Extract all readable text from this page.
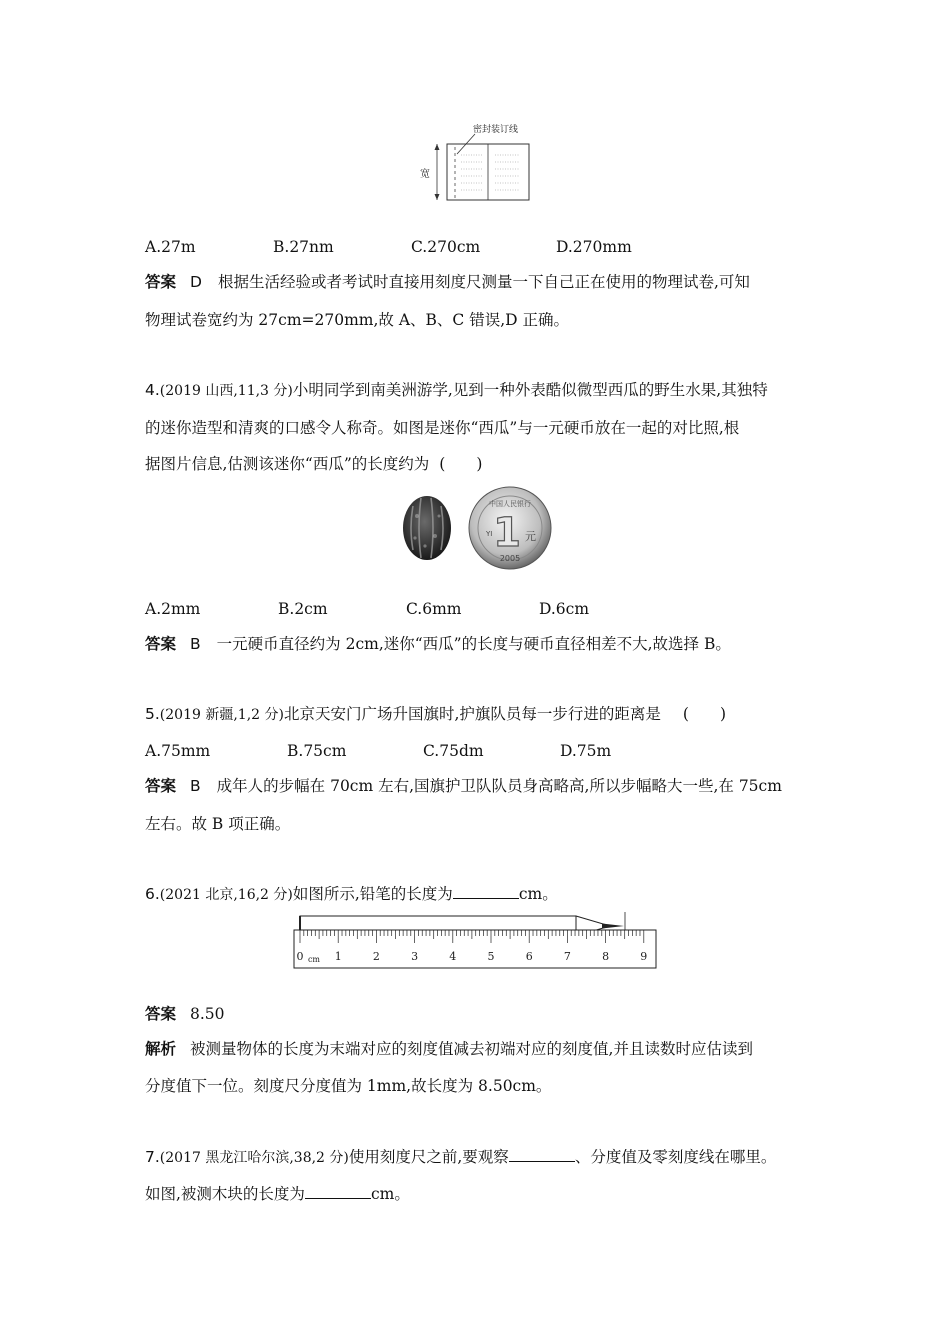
密封装订线
宽
A.27m	B.27nm	C.270cm	D.270mm
答案 D 根据生活经验或者考试时直接用刻度尺测量一下自己正在使用的物理试卷,可知
物理试卷宽约为 27cm=270mm,故 A、B、C 错误,D 正确。
4.(2019 山西,11,3 分)小明同学到南美洲游学,见到一种外表酷似微型西瓜的野生水果,其独特
的迷你造型和清爽的口感令人称奇。如图是迷你“西瓜”与一元硬币放在一起的对比照,根
据图片信息,估测该迷你“西瓜”的长度约为 (　　)
中国人民银行
1
YI	元
2005
A.2mm	B.2cm	C.6mm	D.6cm
答案 B 一元硬币直径约为 2cm,迷你“西瓜”的长度与硬币直径相差不大,故选择 B。
5.(2019 新疆,1,2 分)北京天安门广场升国旗时,护旗队员每一步行进的距离是 (　　)
A.75mm	B.75cm	C.75dm	D.75m
答案 B 成年人的步幅在 70cm 左右,国旗护卫队队员身高略高,所以步幅略大一些,在 75cm
左右。故 B 项正确。
6.(2021 北京,16,2 分)如图所示,铅笔的长度为	cm。
0	1	2	3	4	5	6	7	8	9
cm
答案 8.50
解析 被测量物体的长度为末端对应的刻度值减去初端对应的刻度值,并且读数时应估读到
分度值下一位。刻度尺分度值为 1mm,故长度为 8.50cm。
7.(2017 黑龙江哈尔滨,38,2 分)使用刻度尺之前,要观察	、分度值及零刻度线在哪里。
如图,被测木块的长度为	cm。
